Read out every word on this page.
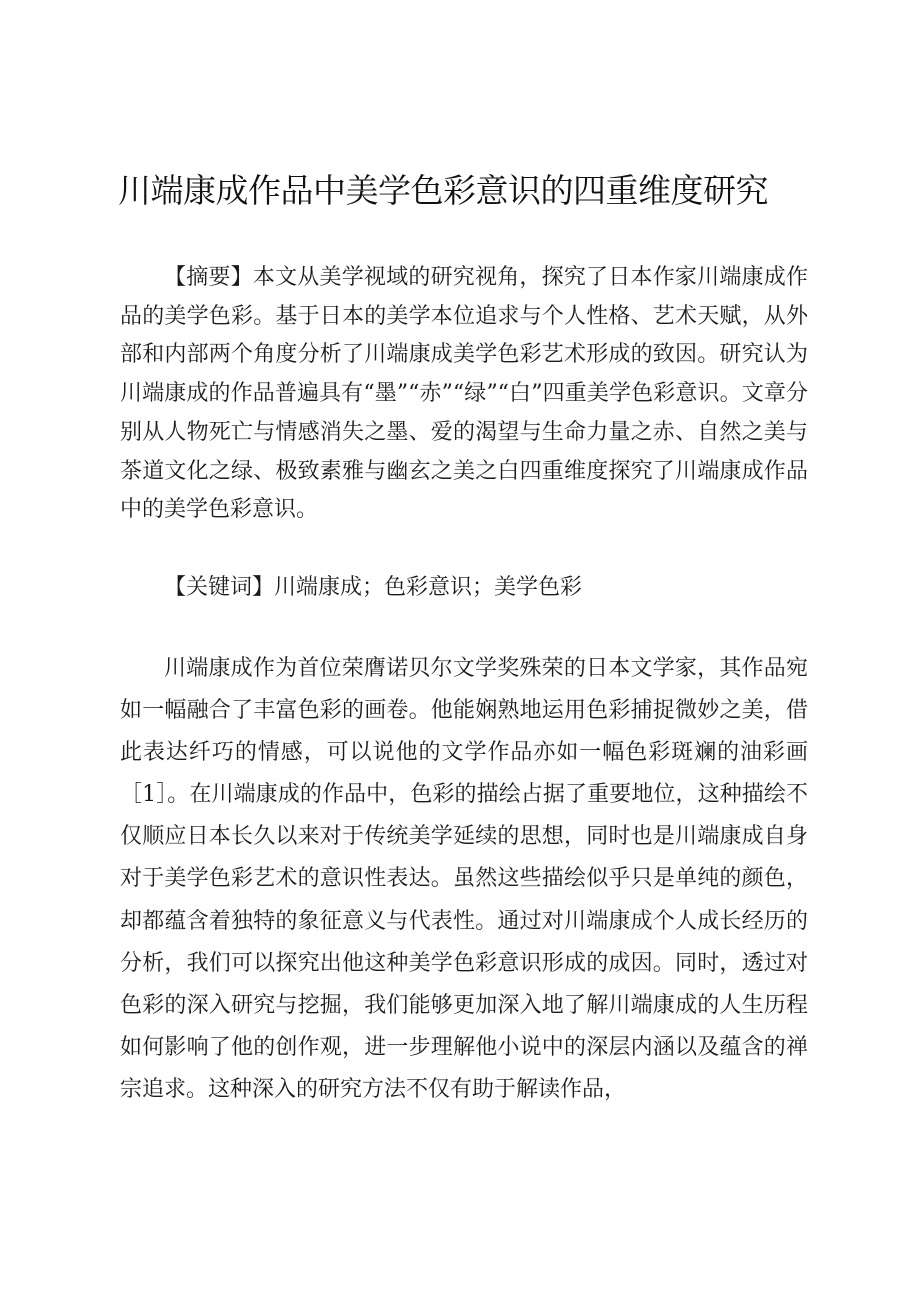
川端康成作品中美学色彩意识的四重维度研究

【摘要】本文从美学视域的研究视角，探究了日本作家川端康成作品的美学色彩。基于日本的美学本位追求与个人性格、艺术天赋，从外部和内部两个角度分析了川端康成美学色彩艺术形成的致因。研究认为川端康成的作品普遍具有“墨”“赤”“绿”“白”四重美学色彩意识。文章分别从人物死亡与情感消失之墨、爱的渴望与生命力量之赤、自然之美与茶道文化之绿、极致素雅与幽玄之美之白四重维度探究了川端康成作品中的美学色彩意识。

【关键词】川端康成；色彩意识；美学色彩

川端康成作为首位荣膺诺贝尔文学奖殊荣的日本文学家，其作品宛如一幅融合了丰富色彩的画卷。他能娴熟地运用色彩捕捉微妙之美，借此表达纤巧的情感，可以说他的文学作品亦如一幅色彩斑斓的油彩画［1］。在川端康成的作品中，色彩的描绘占据了重要地位，这种描绘不仅顺应日本长久以来对于传统美学延续的思想，同时也是川端康成自身对于美学色彩艺术的意识性表达。虽然这些描绘似乎只是单纯的颜色，却都蕴含着独特的象征意义与代表性。通过对川端康成个人成长经历的分析，我们可以探究出他这种美学色彩意识形成的成因。同时，透过对色彩的深入研究与挖掘，我们能够更加深入地了解川端康成的人生历程如何影响了他的创作观，进一步理解他小说中的深层内涵以及蕴含的禅宗追求。这种深入的研究方法不仅有助于解读作品，
